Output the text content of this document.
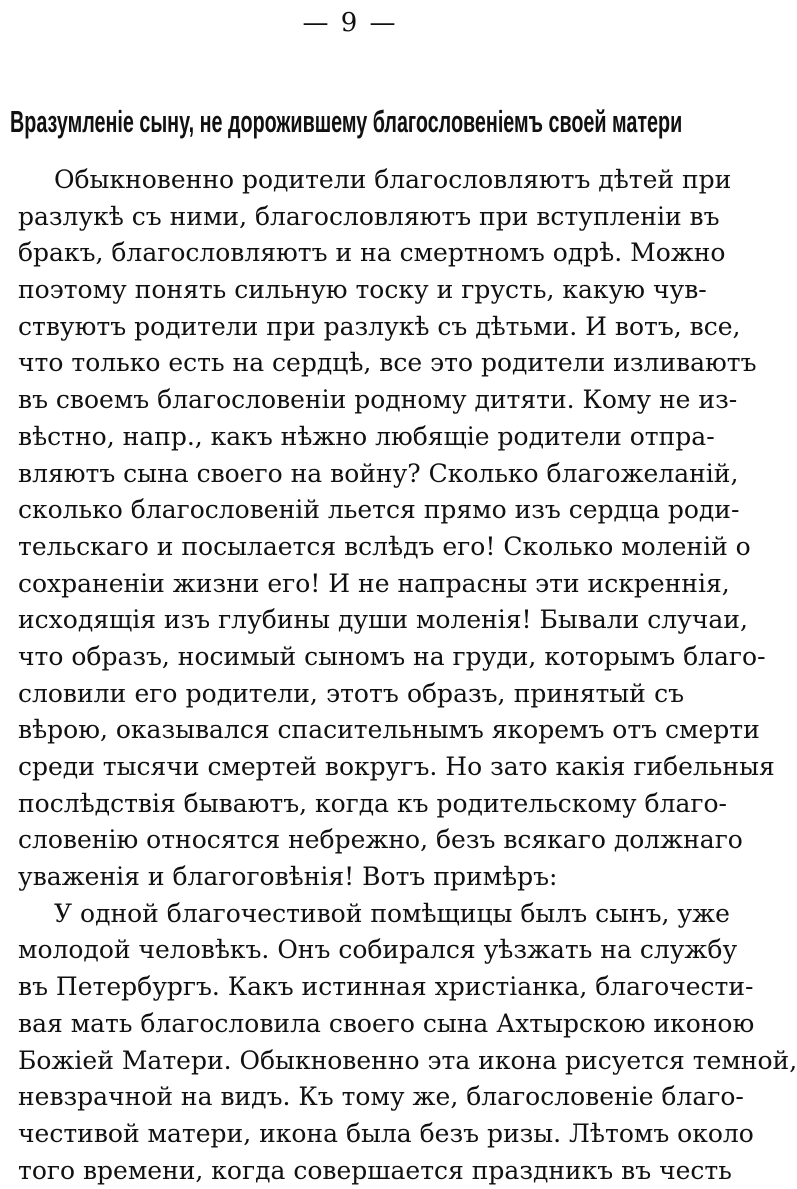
— 9 —
Вразумленіе сыну, не дорожившему благословеніемъ своей матери
Обыкновенно родители благословляютъ дѣтей при
разлукѣ съ ними, благословляютъ при вступленіи въ
бракъ, благословляютъ и на смертномъ одрѣ. Можно
поэтому понять сильную тоску и грусть, какую чув-
ствуютъ родители при разлукѣ съ дѣтьми. И вотъ, все,
что только есть на сердцѣ, все это родители изливаютъ
въ своемъ благословеніи родному дитяти. Кому не из-
вѣстно, напр., какъ нѣжно любящіе родители отпра-
вляютъ сына своего на войну? Сколько благожеланій,
сколько благословеній льется прямо изъ сердца роди-
тельскаго и посылается вслѣдъ его! Сколько моленій о
сохраненіи жизни его! И не напрасны эти искреннія,
исходящія изъ глубины души моленія! Бывали случаи,
что образъ, носимый сыномъ на груди, которымъ благо-
словили его родители, этотъ образъ, принятый съ
вѣрою, оказывался спасительнымъ якоремъ отъ смерти
среди тысячи смертей вокругъ. Но зато какія гибельныя
послѣдствія бываютъ, когда къ родительскому благо-
словенію относятся небрежно, безъ всякаго должнаго
уваженія и благоговѣнія! Вотъ примѣръ:
У одной благочестивой помѣщицы былъ сынъ, уже
молодой человѣкъ. Онъ собирался уѣзжать на службу
въ Петербургъ. Какъ истинная христіанка, благочести-
вая мать благословила своего сына Ахтырскою иконою
Божіей Матери. Обыкновенно эта икона рисуется темной,
невзрачной на видъ. Къ тому же, благословеніе благо-
честивой матери, икона была безъ ризы. Лѣтомъ около
того времени, когда совершается праздникъ въ честь
